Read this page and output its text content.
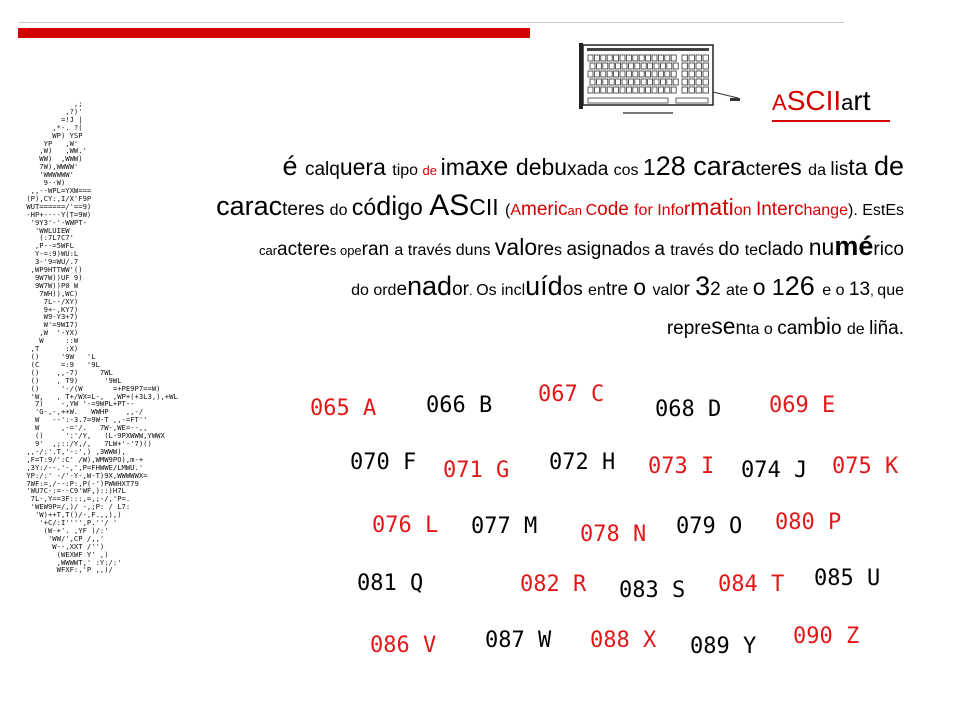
,;
,?)'
=!J |
,*-. ?(
WP) YSP
YP   ,W'
,W)   ,WW.'
WW)  ,WWW)
7W),WWWW'
'WWWWWW'
9--W)
,,--WPL=YXW===
(P),CY:,I/X'F9P
WUT======/'==9)
-HP+----Y(T=9W)
'9Y3'-'-WWPT-
'WWLUIEW
(:7L7C7'
,P--=5WFL
Y-=:9)WU:L
3-'9=WU/.7
,WP9HTTWW'()
9W7W))UF 9)
9W7W))P0 W
7WH)),WC)
7L--/XY)
9+-,KY7)
W9-Y3+7)
W'=9WI7)
,W  '-YX)
W     ::W
,T      :X)
()     '9W   'L
(C     =:9   '9L
()    ,,-7)     7WL
()    , T9)      '9WL
()     '-/(W       =+PE9P7==W)
'W,   , T+/WX=L-,  ,WP+(+3L3,),+WL
7)    -,YW '-=9WPL+PT--
'G-,-,++W.   WWHP    ,,-/
W   --':-3.7=9W-T ,,-=FT''
W     ,-='/.   7W-,WE=--,,
()     ':'/Y,   (L-9PXWWW,YWWX
9'  ,;::/Y,/,   7LW+'-'7)()
,,-/:'.T,'-:',) ,3WWW),
,F=T:9/':C' /W),WMW9PO),m-+
,3Y:/--.'-,',P=FHWWE/LMWU.'
YP:/:' -/'-Y-,W-T)9X,WWWWWX=
7WF:=,/--:P:,P(-')PWWHXT79
'WU7C-:=--C9'WF,)::)H7L
7L-,Y==3F:::,=,;-/,'P=.
'WEW9P=/,)/ -,;P: / L7:
'W)++T,T()/-,F.,,),)
'+C/:I'''',P.''/ '
(W-+'. ,YF )/:'
'WW/',CP /,,'
W--,XXT /'')
(WEXWF Y' ,)
,WWWWT,' :Y:/:'
WFXF:,'P ,,)/
ASCIIart
é calquera tipo de imaxe debuxada cos 128 caracteres da lista de
caracteres do código ASCII (American Code for Information Interchange). EstEs
caracteres operan a través duns valores asignados a través do teclado numérico
do ordenador. Os incluídos entre o valor 32 ate o 126 e o 13, que
representa o cambio de liña.
065 A 066 B 067 C
068 D 069 E
070 F 071 G 072 H 073 I 074 J 075 K
076 L 077 M 078 N 079 O 080 P
081 Q	082 R 083 S 084 T 085 U
086 V 087 W 088 X 089 Y 090 Z
